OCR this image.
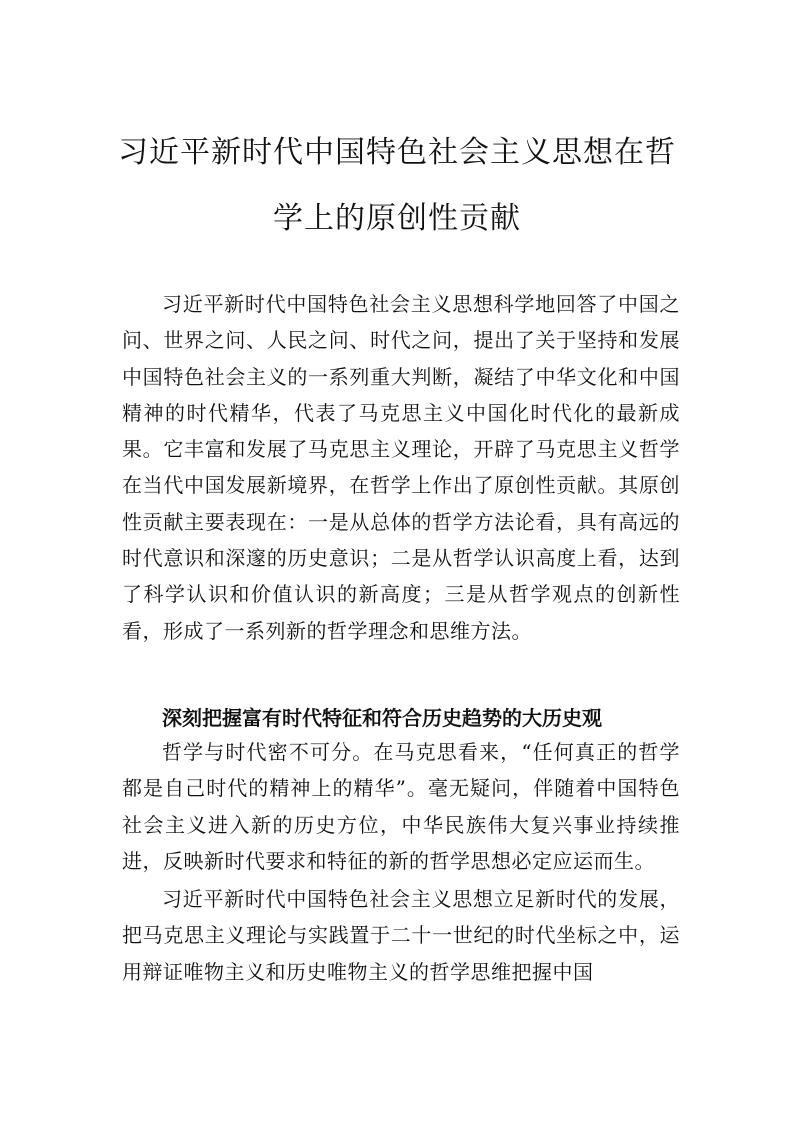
习近平新时代中国特色社会主义思想在哲
学上的原创性贡献

习近平新时代中国特色社会主义思想科学地回答了中国之问、世界之问、人民之问、时代之问，提出了关于坚持和发展中国特色社会主义的一系列重大判断，凝结了中华文化和中国精神的时代精华，代表了马克思主义中国化时代化的最新成果。它丰富和发展了马克思主义理论，开辟了马克思主义哲学在当代中国发展新境界，在哲学上作出了原创性贡献。其原创性贡献主要表现在：一是从总体的哲学方法论看，具有高远的时代意识和深邃的历史意识；二是从哲学认识高度上看，达到了科学认识和价值认识的新高度；三是从哲学观点的创新性看，形成了一系列新的哲学理念和思维方法。

深刻把握富有时代特征和符合历史趋势的大历史观

哲学与时代密不可分。在马克思看来，“任何真正的哲学都是自己时代的精神上的精华”。毫无疑问，伴随着中国特色社会主义进入新的历史方位，中华民族伟大复兴事业持续推进，反映新时代要求和特征的新的哲学思想必定应运而生。

习近平新时代中国特色社会主义思想立足新时代的发展，把马克思主义理论与实践置于二十一世纪的时代坐标之中，运用辩证唯物主义和历史唯物主义的哲学思维把握中国
